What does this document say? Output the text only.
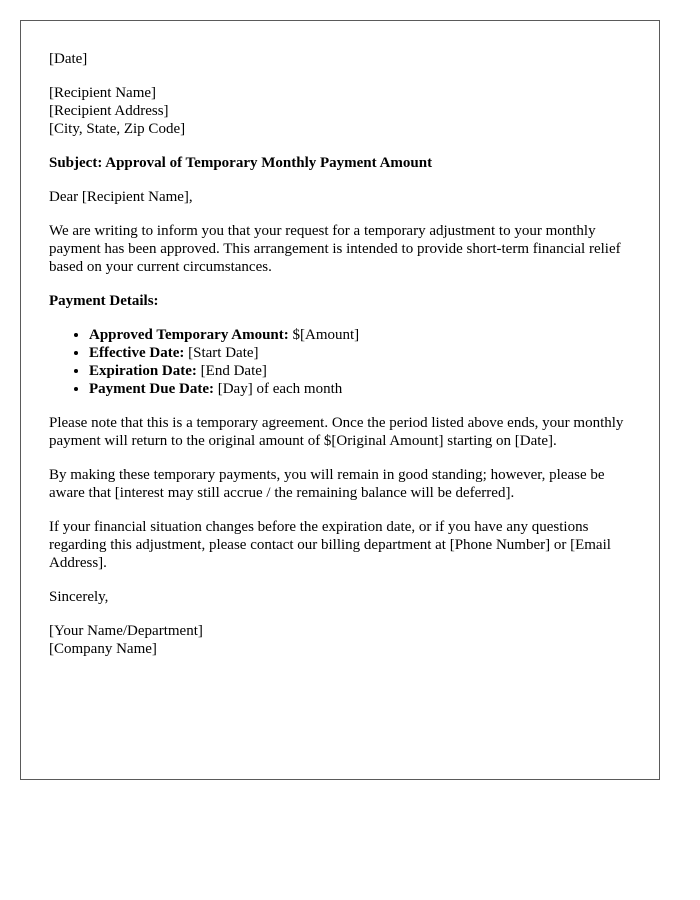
[Date]
[Recipient Name]
[Recipient Address]
[City, State, Zip Code]

Subject: Approval of Temporary Monthly Payment Amount

Dear [Recipient Name],

We are writing to inform you that your request for a temporary adjustment to your monthly payment has been approved. This arrangement is intended to provide short-term financial relief based on your current circumstances.

Payment Details:

• Approved Temporary Amount: $[Amount]
• Effective Date: [Start Date]
• Expiration Date: [End Date]
• Payment Due Date: [Day] of each month

Please note that this is a temporary agreement. Once the period listed above ends, your monthly payment will return to the original amount of $[Original Amount] starting on [Date].

By making these temporary payments, you will remain in good standing; however, please be aware that [interest may still accrue / the remaining balance will be deferred].

If your financial situation changes before the expiration date, or if you have any questions regarding this adjustment, please contact our billing department at [Phone Number] or [Email Address].

Sincerely,

[Your Name/Department]
[Company Name]
